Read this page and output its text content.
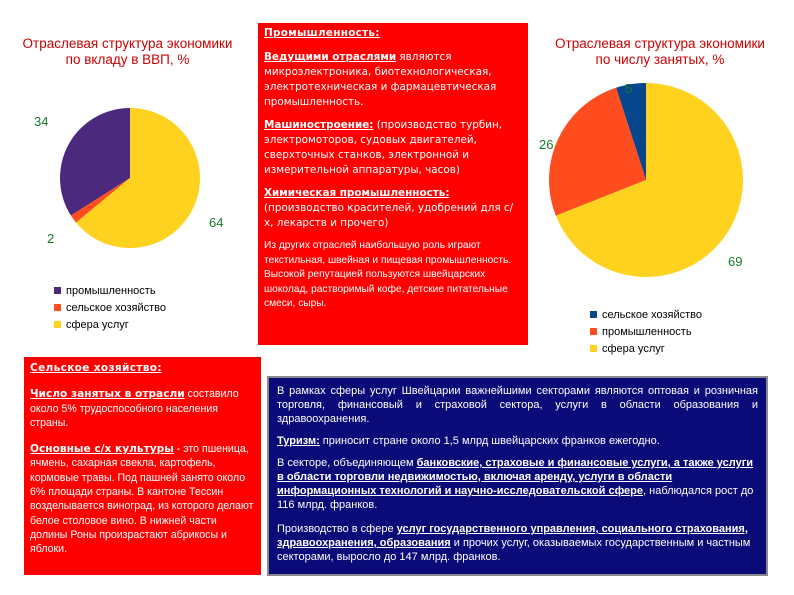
Отраслевая структура экономики
по вкладу в ВВП, %
34
2
64
промышленность
сельское хозяйство
сфера услуг
Отраслевая структура экономики
по числу занятых, %
5
26
69
сельское хозяйство
промышленность
сфера услуг

Промышленность:

Ведущими отраслями являются микроэлектроника, биотехнологическая, электротехническая и фармацевтическая промышленность.

Машиностроение: (производство турбин, электромоторов, судовых двигателей, сверхточных станков, электронной и измерительной аппаратуры, часов)

Химическая промышленность: (производство красителей, удобрений для с/х, лекарств и прочего)

Из других отраслей наибольшую роль играют текстильная, швейная и пищевая промышленность. Высокой репутацией пользуются швейцарских шоколад, растворимый кофе, детские питательные смеси, сыры.

Сельское хозяйство:

Число занятых в отрасли составило около 5% трудоспособного населения страны.

Основные с/х культуры - это пшеница, ячмень, сахарная свекла, картофель, кормовые травы. Под пашней занято около 6% площади страны. В кантоне Тессин возделывается виноград, из которого делают белое столовое вино. В нижней части долины Роны произрастают абрикосы и яблоки.

В рамках сферы услуг Швейцарии важнейшими секторами являются оптовая и розничная торговля, финансовый и страховой сектора, услуги в области образования и здравоохранения.

Туризм: приносит стране около 1,5 млрд швейцарских франков ежегодно.

В секторе, объединяющем банковские, страховые и финансовые услуги, а также услуги в области торговли недвижимостью, включая аренду, услуги в области информационных технологий и научно-исследовательской сфере, наблюдался рост до 116 млрд. франков.

Производство в сфере услуг государственного управления, социального страхования, здравоохранения, образования и прочих услуг, оказываемых государственным и частным секторами, выросло до 147 млрд. франков.
